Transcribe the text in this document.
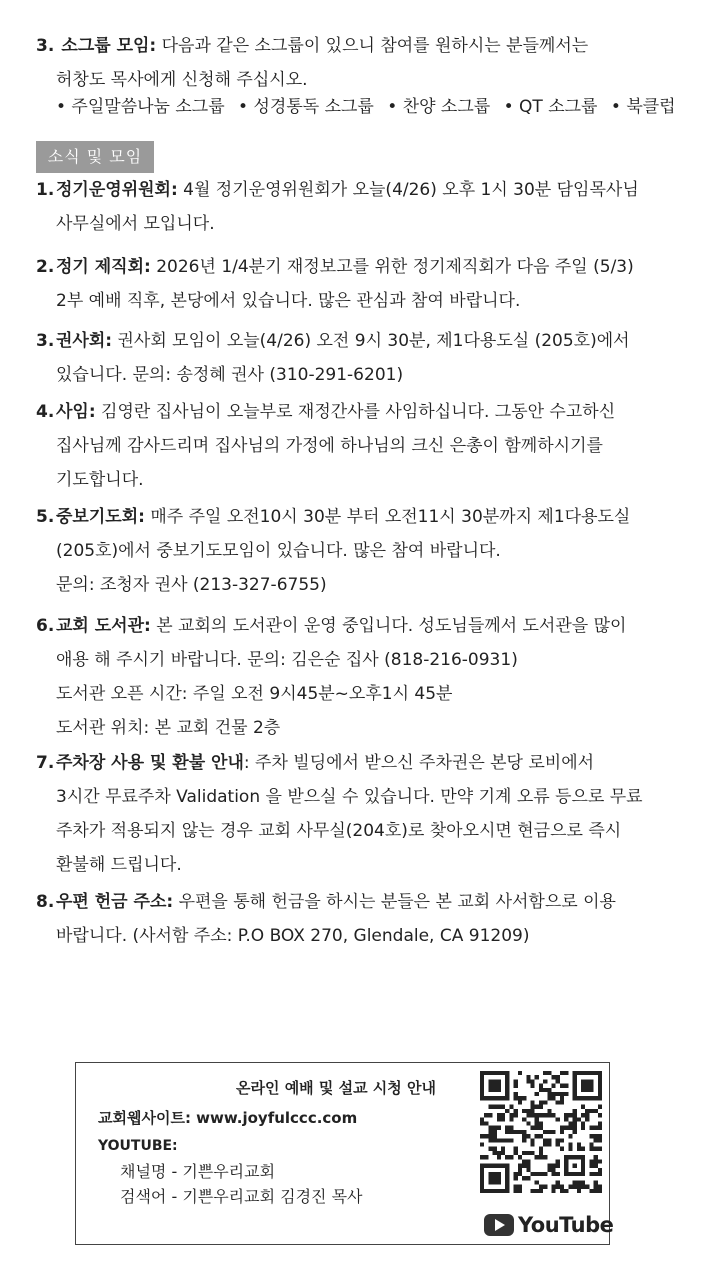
3. 소그룹 모임: 다음과 같은 소그룹이 있으니 참여를 원하시는 분들께서는
허창도 목사에게 신청해 주십시오.
• 주일말씀나눔 소그룹 • 성경통독 소그룹 • 찬양 소그룹 • QT 소그룹 • 북클럽
소식 및 모임
1. 정기운영위원회: 4월 정기운영위원회가 오늘(4/26) 오후 1시 30분 담임목사님
사무실에서 모입니다.
2. 정기 제직회: 2026년 1/4분기 재정보고를 위한 정기제직회가 다음 주일 (5/3)
2부 예배 직후, 본당에서 있습니다. 많은 관심과 참여 바랍니다.
3. 권사회: 권사회 모임이 오늘(4/26) 오전 9시 30분, 제1다용도실 (205호)에서
있습니다. 문의: 송정혜 권사 (310-291-6201)
4. 사임: 김영란 집사님이 오늘부로 재정간사를 사임하십니다. 그동안 수고하신
집사님께 감사드리며 집사님의 가정에 하나님의 크신 은총이 함께하시기를
기도합니다.
5. 중보기도회: 매주 주일 오전10시 30분 부터 오전11시 30분까지 제1다용도실
(205호)에서 중보기도모임이 있습니다. 많은 참여 바랍니다.
문의: 조청자 권사 (213-327-6755)
6. 교회 도서관: 본 교회의 도서관이 운영 중입니다. 성도님들께서 도서관을 많이
애용 해 주시기 바랍니다. 문의: 김은순 집사 (818-216-0931)
도서관 오픈 시간: 주일 오전 9시45분~오후1시 45분
도서관 위치: 본 교회 건물 2층
7. 주차장 사용 및 환불 안내: 주차 빌딩에서 받으신 주차권은 본당 로비에서
3시간 무료주차 Validation 을 받으실 수 있습니다. 만약 기계 오류 등으로 무료
주차가 적용되지 않는 경우 교회 사무실(204호)로 찾아오시면 현금으로 즉시
환불해 드립니다.
8. 우편 헌금 주소: 우편을 통해 헌금을 하시는 분들은 본 교회 사서함으로 이용
바랍니다. (사서함 주소: P.O BOX 270, Glendale, CA 91209)
온라인 예배 및 설교 시청 안내
교회웹사이트: www.joyfulccc.com
YOUTUBE:
채널명 - 기쁜우리교회
검색어 - 기쁜우리교회 김경진 목사
YouTube
